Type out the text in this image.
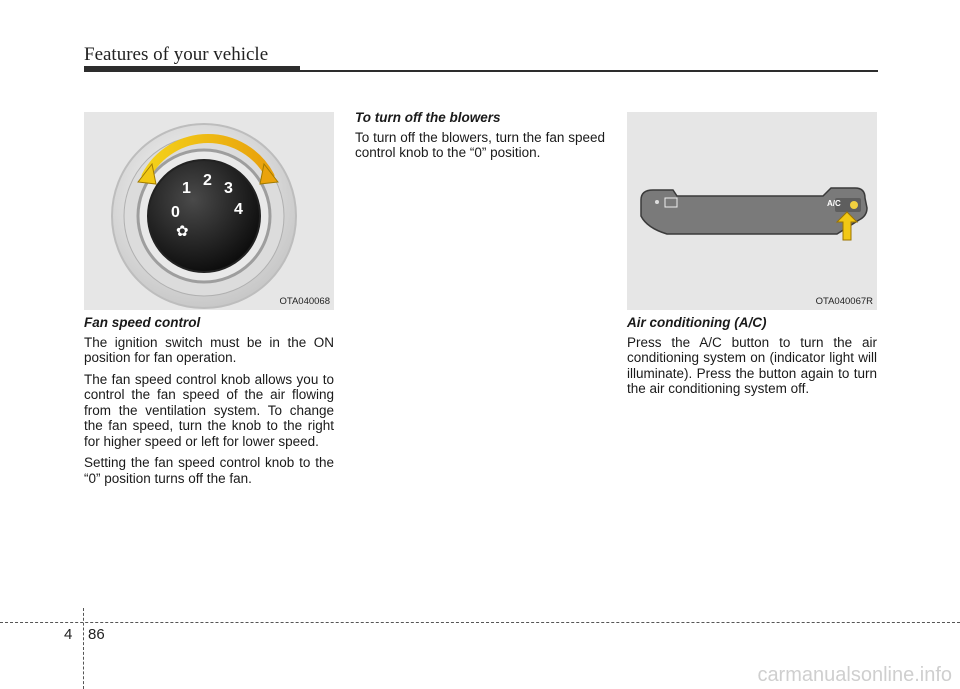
Features of your vehicle
0
1 2 3
4
✿
OTA040068
A/C
OTA040067R
Fan speed control
The ignition switch must be in the ON position for fan operation.
The fan speed control knob allows you to control the fan speed of the air flowing from the ventilation system. To change the fan speed, turn the knob to the right for higher speed or left for lower speed.
Setting the fan speed control knob to the “0” position turns off the fan.
To turn off the blowers
To turn off the blowers, turn the fan speed control knob to the “0” position.
Air conditioning (A/C)
Press the A/C button to turn the air conditioning system on (indicator light will illuminate). Press the button again to turn the air conditioning system off.
4 86
carmanualsonline.info
